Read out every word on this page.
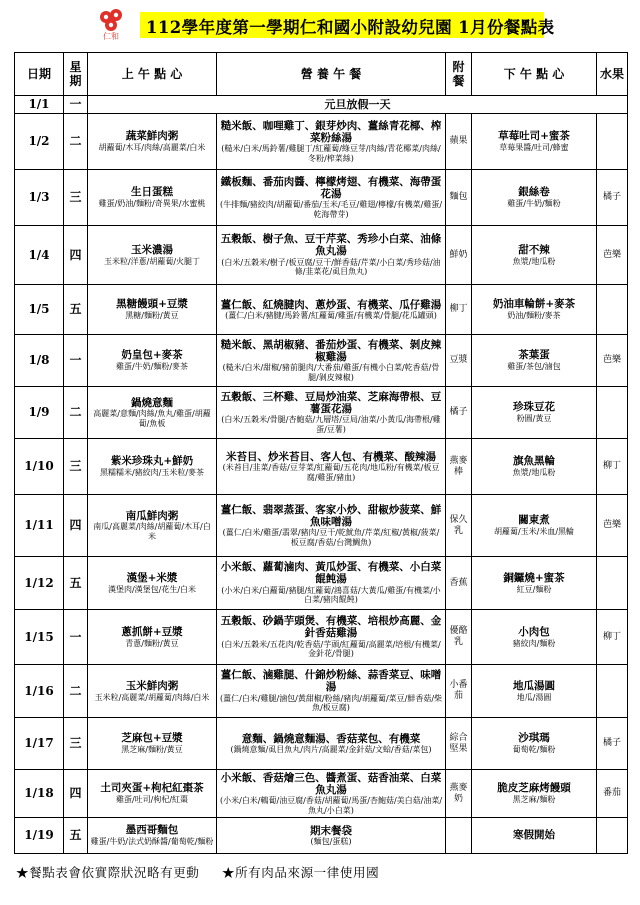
仁和 112學年度第一學期仁和國小附設幼兒園 1月份餐點表
日期	星期	上 午 點 心	營 養 午 餐	附餐	下 午 點 心	水果
1/1	一	元旦放假一天				
1/2	二	蔬菜鮮肉粥
胡蘿蔔/木耳/肉絲/高麗菜/白米	糙米飯、咖哩雞丁、銀芽炒肉、薑絲青花椰、榨菜粉絲湯
(糙米/白米/馬鈴薯/雞腿丁/紅蘿蔔/綠豆芽/肉絲/青花椰菜/肉絲/冬粉/榨菜絲)	蘋果	草莓吐司+蜜茶
草莓果醬/吐司/蜂蜜	

1/3	三	生日蛋糕
雞蛋/奶油/麵粉/奇異果/水蜜桃	鐵板麵、番茄肉醬、檸檬烤翅、有機菜、海帶蛋花湯
(牛排麵/豬絞肉/胡蘿蔔/番茄/玉米/毛豆/雞翅/檸檬/有機菜/雞蛋/乾海帶芽)	麵包	銀絲卷
雞蛋/牛奶/麵粉	橘子
1/4	四	玉米濃湯
玉米粒/洋蔥/胡蘿蔔/火腿丁	五穀飯、樹子魚、豆干芹菜、秀珍小白菜、油條魚丸湯
(白米/五穀米/樹子/板豆腐/豆干/鮮香菇/芹菜/小白菜/秀珍菇/油條/韭菜花/虱目魚丸)	鮮奶	甜不辣
魚漿/地瓜粉	芭樂
1/5	五	黑糖饅頭+豆漿
黑糖/麵粉/黃豆	薑仁飯、紅燒腱肉、蔥炒蛋、有機菜、瓜仔雞湯
(薑仁/白米/豬腱/馬鈴薯/紅蘿蔔/雞蛋/有機菜/骨腿/花瓜罐頭)	柳丁	奶油車輪餅+麥茶
奶油/麵粉/麥茶	

1/8	一	奶皇包+麥茶
雞蛋/牛奶/麵粉/麥茶	糙米飯、黑胡椒豬、番茄炒蛋、有機菜、剝皮辣椒雞湯
(糙米/白米/甜椒/豬前腿肉/大番茄/雞蛋/有機小白菜/乾香菇/骨腿/剝皮辣椒)	豆漿	茶葉蛋
雞蛋/茶包/滷包	芭樂
1/9	二	鍋燒意麵
高麗菜/意麵/肉絲/魚丸/雞蛋/胡蘿蔔/魚板	五穀飯、三杯雞、豆局炒油菜、芝麻海帶根、豆薯蛋花湯
(白米/五穀米/骨腿/杏鮑菇/九層塔/豆局/油菜/小黃瓜/海帶根/雞蛋/豆薯)	橘子	珍珠豆花
粉圓/黃豆	

1/10	三	紫米珍珠丸+鮮奶
黑糯糯米/豬絞肉/玉米粒/麥茶	米苔目、炒米苔目、客人包、有機菜、酸辣湯
(米苔目/韭菜/香菇/豆芽菜/紅蘿蔔/五花肉/地瓜粉/有機菜/板豆腐/雞蛋/豬血)	燕麥棒	旗魚黑輪
魚漿/地瓜粉	柳丁
1/11	四	南瓜鮮肉粥
南瓜/高麗菜/肉絲/胡蘿蔔/木耳/白米	薑仁飯、翡翠蒸蛋、客家小炒、甜椒炒菠菜、鮮魚味噌湯
(薑仁/白米/雞蛋/翡翠/豬肉/豆干/乾魷魚/芹菜/紅椒/黃椒/菠菜/板豆腐/香菇/台灣鯛魚)	保久乳	關東煮
胡蘿蔔/玉米/米血/黑輪	芭樂
1/12	五	漢堡+米漿
漢堡肉/漢堡包/花生/白米	小米飯、蘿蔔滷肉、黃瓜炒蛋、有機菜、小白菜餛飩湯
(小米/白米/白蘿蔔/豬腿/紅蘿蔔/鴻喜菇/大黃瓜/雞蛋/有機菜/小白菜/豬肉餛飩)	香蕉	銅鑼燒+蜜茶
紅豆/麵粉	

1/15	一	蔥抓餅+豆漿
青蔥/麵粉/黃豆	五穀飯、砂鍋芋頭煲、有機菜、培根炒高麗、金針香菇雞湯
(白米/五穀米/五花肉/乾香菇/芋頭/紅蘿蔔/高麗菜/培根/有機菜/金針花/骨腿)	優酪乳	小肉包
豬絞肉/麵粉	柳丁
1/16	二	玉米鮮肉粥
玉米粒/高麗菜/胡蘿蔔/肉絲/白米	薑仁飯、滷雞腿、什錦炒粉絲、蒜香菜豆、味噌湯
(薑仁/白米/雞腿/滷包/黃甜椒/粉絲/豬肉/胡蘿蔔/菜豆/鮮香菇/柴魚/板豆腐)	小番茄	地瓜湯圓
地瓜/湯圓	

1/17	三	芝麻包+豆漿
黑芝麻/麵粉/黃豆	意麵、鍋燒意麵湯、香菇菜包、有機菜
(鍋燒意麵/虱目魚丸/肉片/高麗菜/金針菇/文蛤/香菇/菜包)	綜合堅果	沙琪瑪
蔔萄乾/麵粉	橘子
1/18	四	土司夾蛋+枸杞紅棗茶
雞蛋/吐司/枸杞/紅棗	小米飯、香菇燴三色、醬煮蛋、菇香油菜、白菜魚丸湯
(小米/白米/鵪蔔/油豆腐/香菇/胡蘿蔔/馬蛋/杏鮑菇/美白菇/油菜/魚丸/小白菜)	燕麥奶	脆皮芝麻烤饅頭
黑芝麻/麵粉	番茄
1/19	五	墨西哥麵包
雞蛋/牛奶/法式奶酥醬/葡萄乾/麵粉	期末餐袋
(麵包/蛋糕)		寒假開始	

★餐點表會依實際狀況略有更動 ★所有肉品來源一律使用國
